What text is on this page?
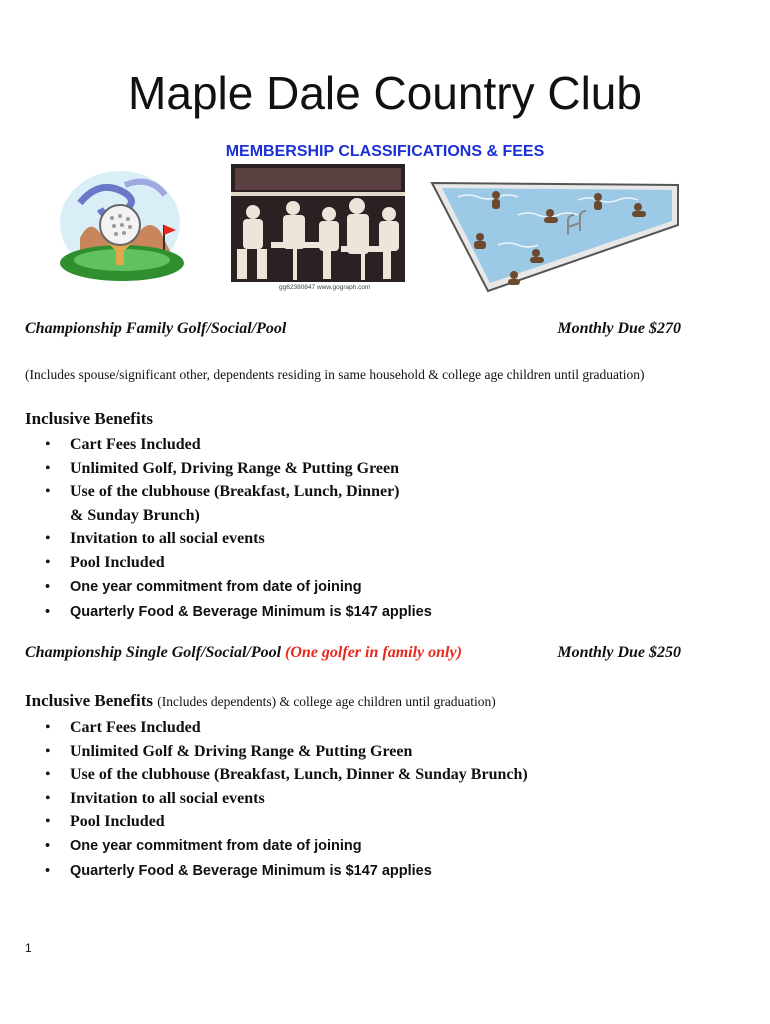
Maple Dale Country Club
MEMBERSHIP CLASSIFICATIONS & FEES
gg62380847 www.gograph.com
Championship Family Golf/Social/Pool	Monthly Due $270
(Includes spouse/significant other, dependents residing in same household & college age children until graduation)
Inclusive Benefits
• Cart Fees Included
• Unlimited Golf, Driving Range & Putting Green
• Use of the clubhouse (Breakfast, Lunch, Dinner)
& Sunday Brunch)
• Invitation to all social events
• Pool Included
• One year commitment from date of joining
• Quarterly Food & Beverage Minimum is $147 applies
Championship Single Golf/Social/Pool (One golfer in family only)	Monthly Due $250
Inclusive Benefits (Includes dependents) & college age children until graduation)
• Cart Fees Included
• Unlimited Golf & Driving Range & Putting Green
• Use of the clubhouse (Breakfast, Lunch, Dinner & Sunday Brunch)
• Invitation to all social events
• Pool Included
• One year commitment from date of joining
• Quarterly Food & Beverage Minimum is $147 applies
1
